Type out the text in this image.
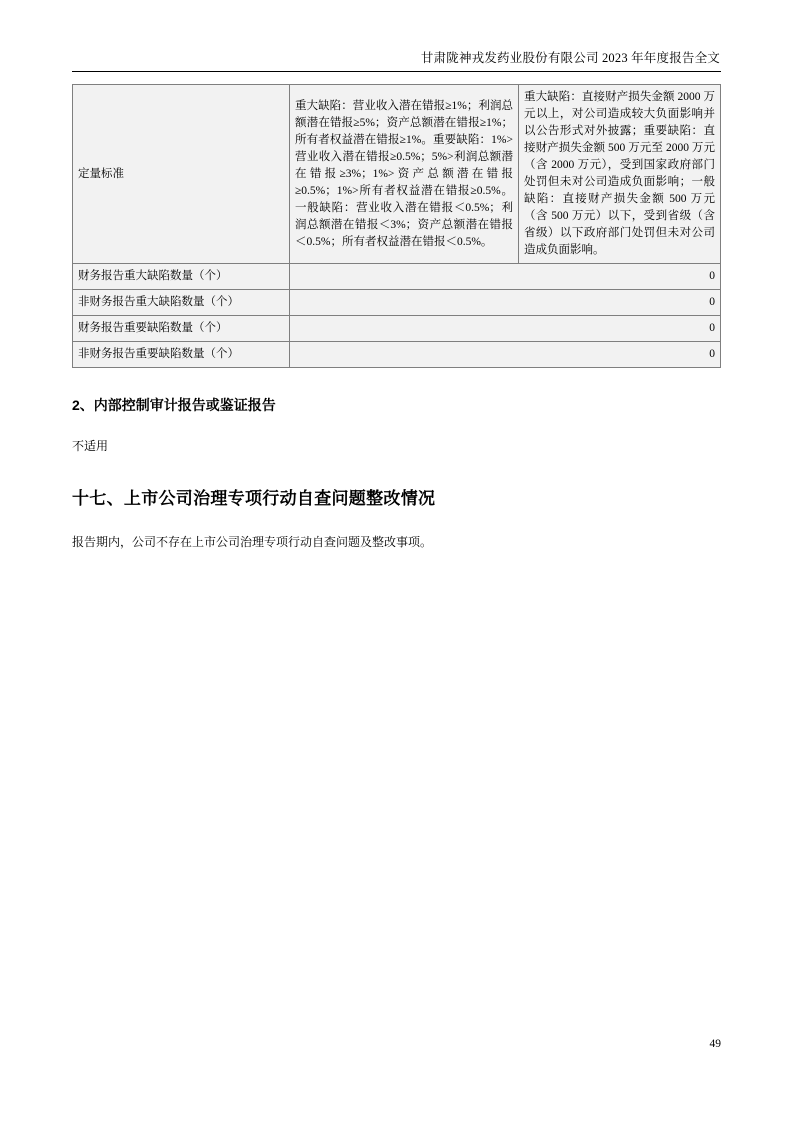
甘肃陇神戎发药业股份有限公司 2023 年年度报告全文
定量标准	重大缺陷：营业收入潜在错报≥1%；利润总额潜在错报≥5%；资产总额潜在错报≥1%；所有者权益潜在错报≥1%。重要缺陷：1%>营业收入潜在错报≥0.5%；5%>利润总额潜在错报≥3%；1%>资产总额潜在错报≥0.5%；1%>所有者权益潜在错报≥0.5%。一般缺陷：营业收入潜在错报＜0.5%；利润总额潜在错报＜3%；资产总额潜在错报＜0.5%；所有者权益潜在错报＜0.5%。	重大缺陷：直接财产损失金额 2000 万元以上，对公司造成较大负面影响并以公告形式对外披露；重要缺陷：直接财产损失金额 500 万元至 2000 万元（含 2000 万元），受到国家政府部门处罚但未对公司造成负面影响；一般缺陷：直接财产损失金额 500 万元（含 500 万元）以下，受到省级（含省级）以下政府部门处罚但未对公司造成负面影响。
财务报告重大缺陷数量（个）	0	
非财务报告重大缺陷数量（个）	0	
财务报告重要缺陷数量（个）	0	
非财务报告重要缺陷数量（个）	0	
2、内部控制审计报告或鉴证报告

不适用

十七、上市公司治理专项行动自查问题整改情况

报告期内，公司不存在上市公司治理专项行动自查问题及整改事项。

49
